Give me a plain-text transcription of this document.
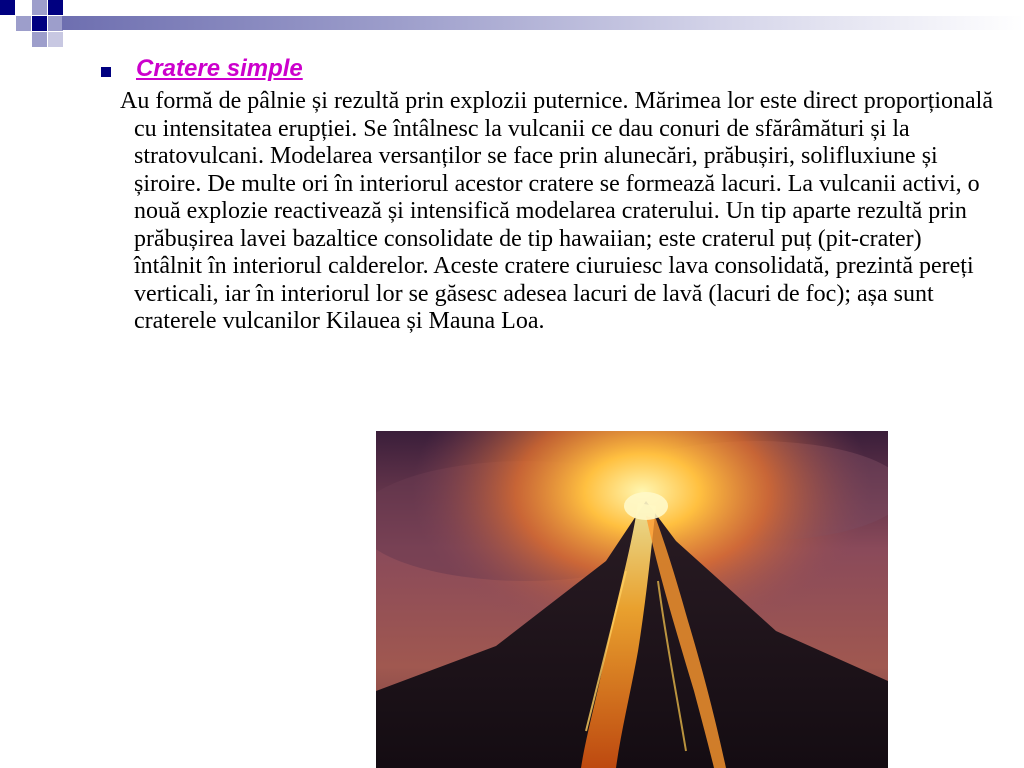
Cratere simple
Au formă de pâlnie și rezultă prin explozii puternice. Mărimea lor este direct proporțională cu intensitatea erupției. Se întâlnesc la vulcanii ce dau conuri de sfărâmături și la stratovulcani. Modelarea versanților se face prin alunecări, prăbușiri, solifluxiune și șiroire. De multe ori în interiorul acestor cratere se formează lacuri. La vulcanii activi, o nouă explozie reactivează și intensifică modelarea craterului. Un tip aparte rezultă prin prăbușirea lavei bazaltice consolidate de tip hawaiian; este craterul puț (pit-crater) întâlnit în interiorul calderelor. Aceste cratere ciuruiesc lava consolidată, prezintă pereți verticali, iar în interiorul lor se găsesc adesea lacuri de lavă (lacuri de foc); așa sunt craterele vulcanilor Kilauea și Mauna Loa.
